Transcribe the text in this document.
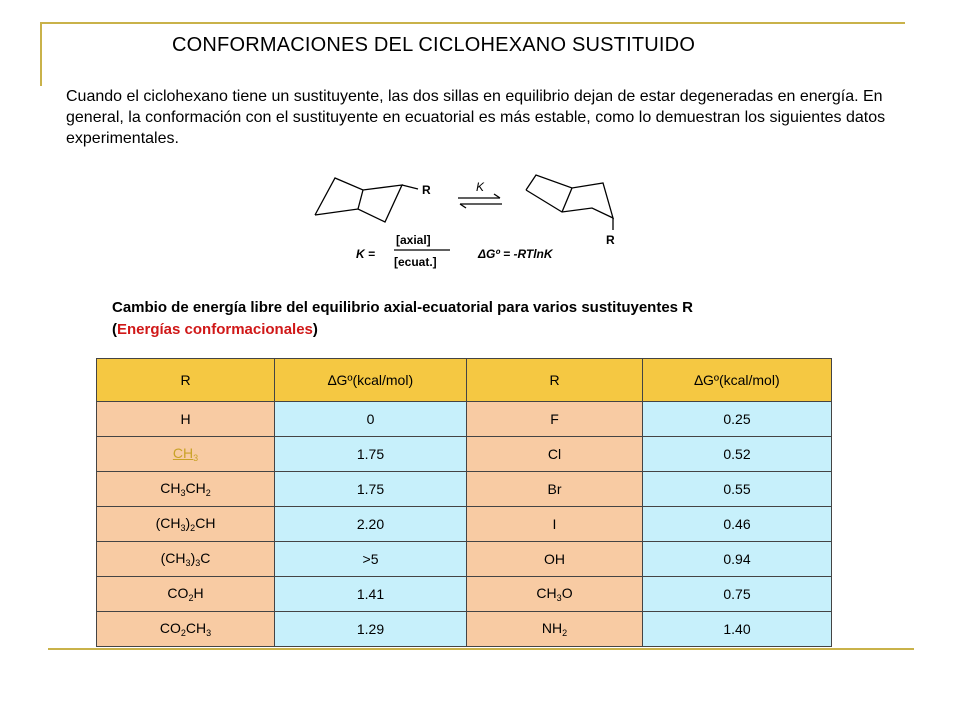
CONFORMACIONES DEL CICLOHEXANO SUSTITUIDO
Cuando el ciclohexano tiene un sustituyente, las dos sillas en equilibrio dejan de estar degeneradas en energía. En general, la conformación con el sustituyente en ecuatorial es más estable, como lo demuestran los siguientes datos experimentales.
R	K
R
K =
[axial]
[ecuat.]
ΔGº = -RTlnK
Cambio de energía libre del equilibrio axial-ecuatorial para varios sustituyentes R
(Energías conformacionales)
R	∆Gº(kcal/mol)	R	∆Gº(kcal/mol)
H	0	F	0.25
$CH_3$	1.75	Cl	0.52
$CH_3CH_2$	1.75	Br	0.55
$(CH_3)_2CH$	2.20	I	0.46
$(CH_3)_3C$	>5	OH	0.94
$CO_2H$	1.41	$CH_3O$	0.75
$CO_2CH_3$	1.29	$NH_2$	1.40
